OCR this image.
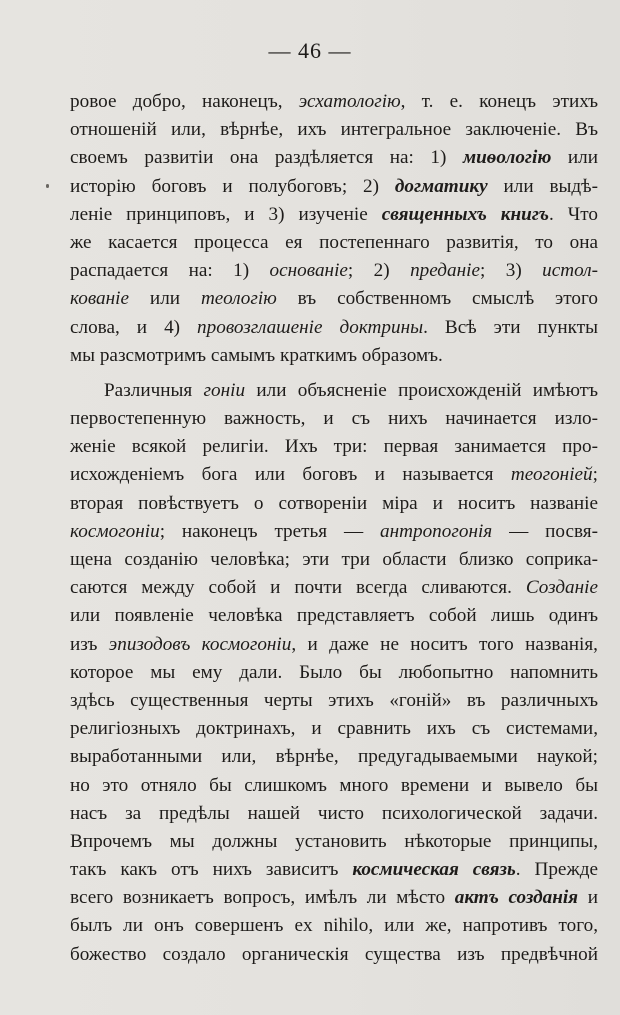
— 46 —
ровое добро, наконецъ, эсхатологію, т. е. конецъ этихъ
отношеній или, вѣрнѣе, ихъ интегральное заключеніе. Въ
своемъ развитіи она раздѣляется на: 1) миѳологію или
исторію боговъ и полубоговъ; 2) догматику или выдѣ-
леніе принциповъ, и 3) изученіе священныхъ книгъ. Что
же касается процесса ея постепеннаго развитія, то она
распадается на: 1) основаніе; 2) преданіе; 3) истол-
кованіе или теологію въ собственномъ смыслѣ этого
слова, и 4) провозглашеніе доктрины. Всѣ эти пункты
мы разсмотримъ самымъ краткимъ образомъ.
Различныя гоніи или объясненіе происхожденій имѣютъ
первостепенную важность, и съ нихъ начинается изло-
женіе всякой религіи. Ихъ три: первая занимается про-
исхожденіемъ бога или боговъ и называется теогоніей;
вторая повѣствуетъ о сотвореніи міра и носитъ названіе
космогоніи; наконецъ третья — антропогонія — посвя-
щена созданію человѣка; эти три области близко соприка-
саются между собой и почти всегда сливаются. Созданіе
или появленіе человѣка представляетъ собой лишь одинъ
изъ эпизодовъ космогоніи, и даже не носитъ того названія,
которое мы ему дали. Было бы любопытно напомнить
здѣсь существенныя черты этихъ «гоній» въ различныхъ
религіозныхъ доктринахъ, и сравнить ихъ съ системами,
выработанными или, вѣрнѣе, предугадываемыми наукой;
но это отняло бы слишкомъ много времени и вывело бы
насъ за предѣлы нашей чисто психологической задачи.
Впрочемъ мы должны установить нѣкоторые принципы,
такъ какъ отъ нихъ зависитъ космическая связь. Прежде
всего возникаетъ вопросъ, имѣлъ ли мѣсто актъ созданія и
былъ ли онъ совершенъ ex nihilo, или же, напротивъ того,
божество создало органическія существа изъ предвѣчной
